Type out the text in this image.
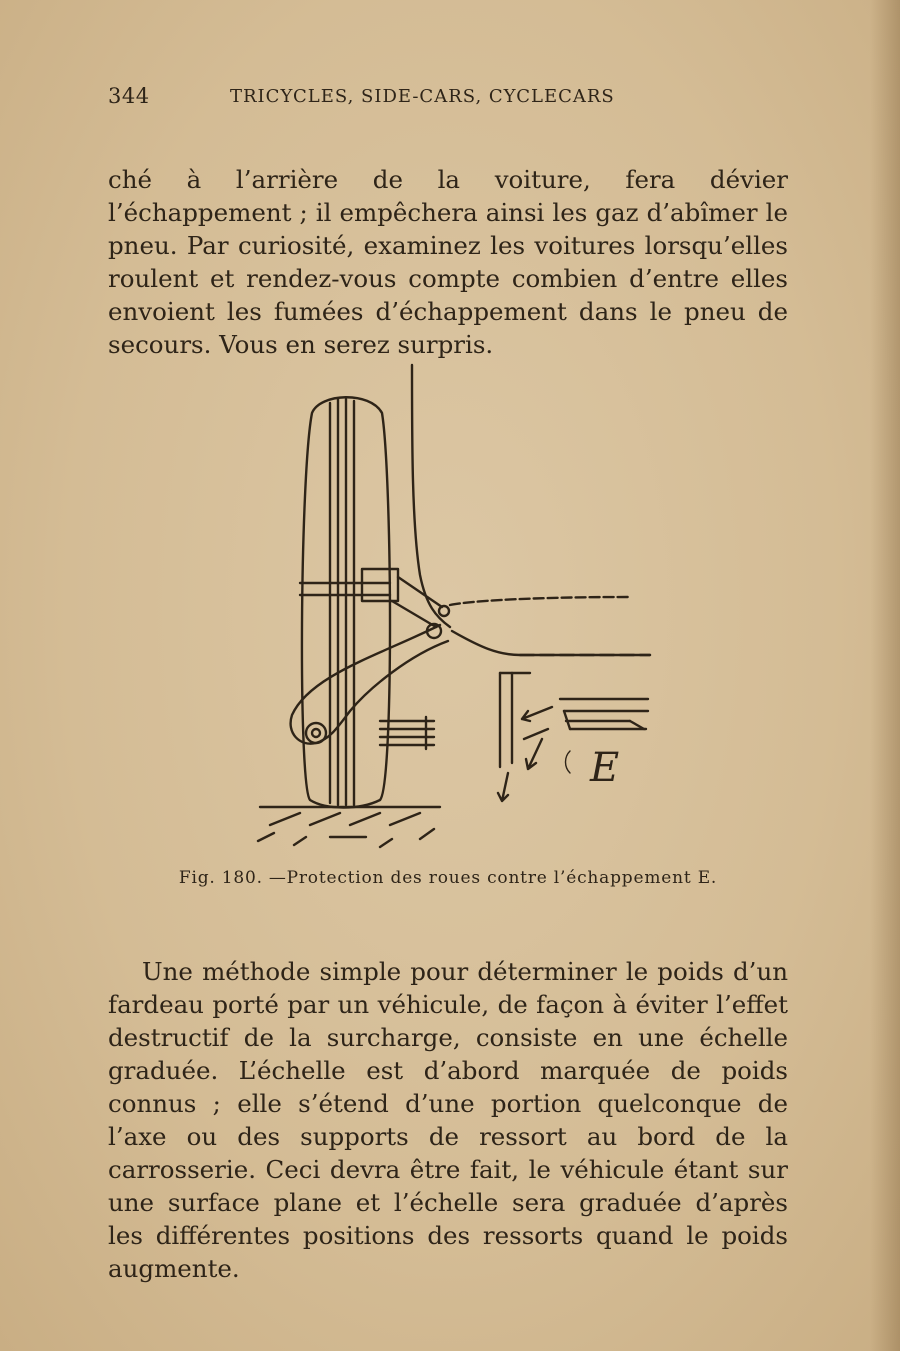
344	TRICYCLES, SIDE-CARS, CYCLECARS

ché à l’arrière de la voiture, fera dévier l’échappement ; il empêchera ainsi les gaz d’abîmer le pneu. Par curiosité, examinez les voitures lorsqu’elles roulent et rendez-vous compte combien d’entre elles envoient les fumées d’échappement dans le pneu de secours. Vous en serez surpris.

E
Fig. 180. —Protection des roues contre l’échappement E.

Une méthode simple pour déterminer le poids d’un fardeau porté par un véhicule, de façon à éviter l’effet destructif de la surcharge, consiste en une échelle graduée. L’échelle est d’abord marquée de poids connus ; elle s’étend d’une portion quelconque de l’axe ou des supports de ressort au bord de la carrosserie. Ceci devra être fait, le véhicule étant sur une surface plane et l’échelle sera graduée d’après les différentes positions des ressorts quand le poids augmente.
